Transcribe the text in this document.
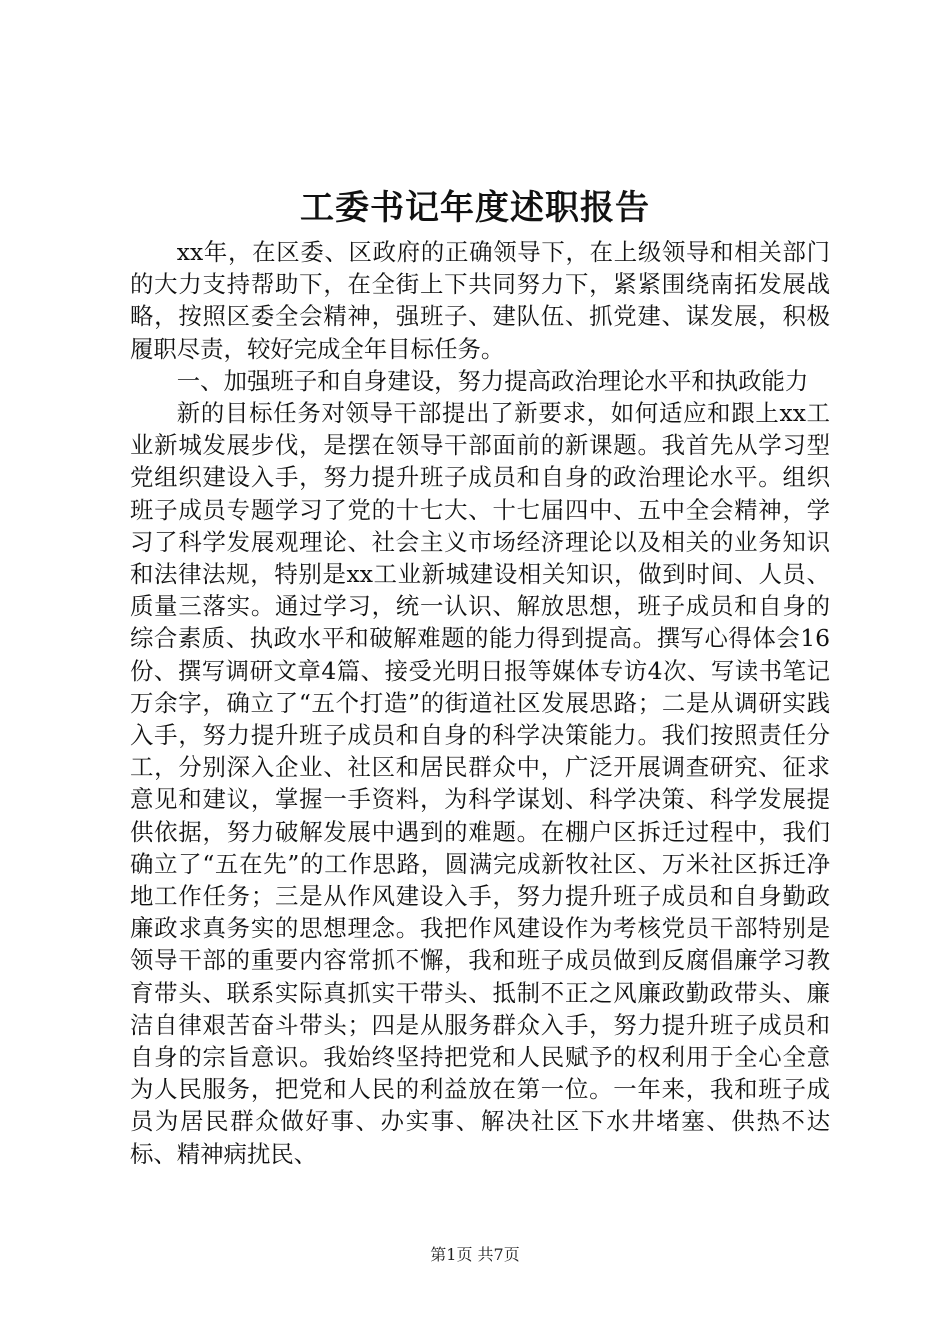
工委书记年度述职报告

xx年，在区委、区政府的正确领导下，在上级领导和相关部门的大力支持帮助下，在全街上下共同努力下，紧紧围绕南拓发展战略，按照区委全会精神，强班子、建队伍、抓党建、谋发展，积极履职尽责，较好完成全年目标任务。

一、加强班子和自身建设，努力提高政治理论水平和执政能力

新的目标任务对领导干部提出了新要求，如何适应和跟上xx工业新城发展步伐，是摆在领导干部面前的新课题。我首先从学习型党组织建设入手，努力提升班子成员和自身的政治理论水平。组织班子成员专题学习了党的十七大、十七届四中、五中全会精神，学习了科学发展观理论、社会主义市场经济理论以及相关的业务知识和法律法规，特别是xx工业新城建设相关知识，做到时间、人员、质量三落实。通过学习，统一认识、解放思想，班子成员和自身的综合素质、执政水平和破解难题的能力得到提高。撰写心得体会16份、撰写调研文章4篇、接受光明日报等媒体专访4次、写读书笔记万余字，确立了“五个打造”的街道社区发展思路；二是从调研实践入手，努力提升班子成员和自身的科学决策能力。我们按照责任分工，分别深入企业、社区和居民群众中，广泛开展调查研究、征求意见和建议，掌握一手资料，为科学谋划、科学决策、科学发展提供依据，努力破解发展中遇到的难题。在棚户区拆迁过程中，我们确立了“五在先”的工作思路，圆满完成新牧社区、万米社区拆迁净地工作任务；三是从作风建设入手，努力提升班子成员和自身勤政廉政求真务实的思想理念。我把作风建设作为考核党员干部特别是领导干部的重要内容常抓不懈，我和班子成员做到反腐倡廉学习教育带头、联系实际真抓实干带头、抵制不正之风廉政勤政带头、廉洁自律艰苦奋斗带头；四是从服务群众入手，努力提升班子成员和自身的宗旨意识。我始终坚持把党和人民赋予的权利用于全心全意为人民服务，把党和人民的利益放在第一位。一年来，我和班子成员为居民群众做好事、办实事、解决社区下水井堵塞、供热不达标、精神病扰民、

第1页 共7页
